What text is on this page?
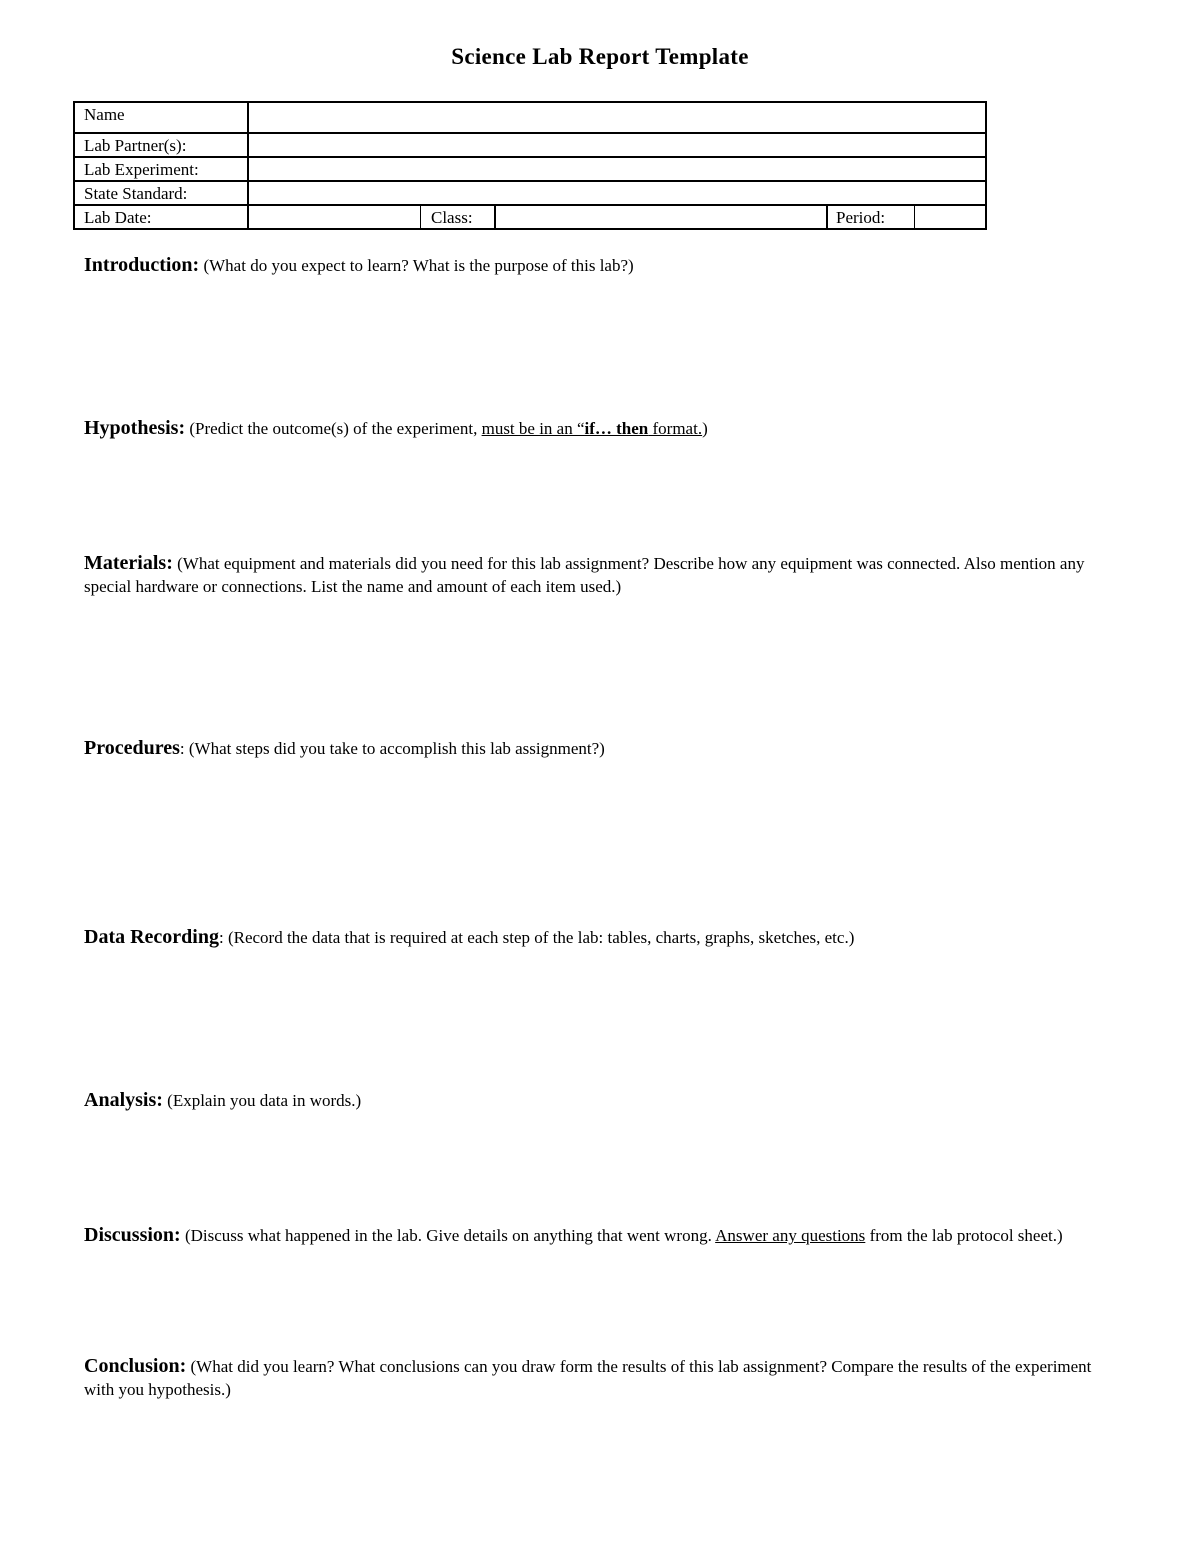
Science Lab Report Template
Name
Lab Partner(s):
Lab Experiment:
State Standard:
Lab Date:	Class:	Period:
Introduction: (What do you expect to learn? What is the purpose of this lab?)
Hypothesis: (Predict the outcome(s) of the experiment, must be in an “if… then format.)
Materials: (What equipment and materials did you need for this lab assignment? Describe how any equipment was connected. Also mention any special hardware or connections. List the name and amount of each item used.)
Procedures: (What steps did you take to accomplish this lab assignment?)
Data Recording: (Record the data that is required at each step of the lab: tables, charts, graphs, sketches, etc.)
Analysis: (Explain you data in words.)
Discussion: (Discuss what happened in the lab. Give details on anything that went wrong. Answer any questions from the lab protocol sheet.)
Conclusion: (What did you learn? What conclusions can you draw form the results of this lab assignment? Compare the results of the experiment with you hypothesis.)
